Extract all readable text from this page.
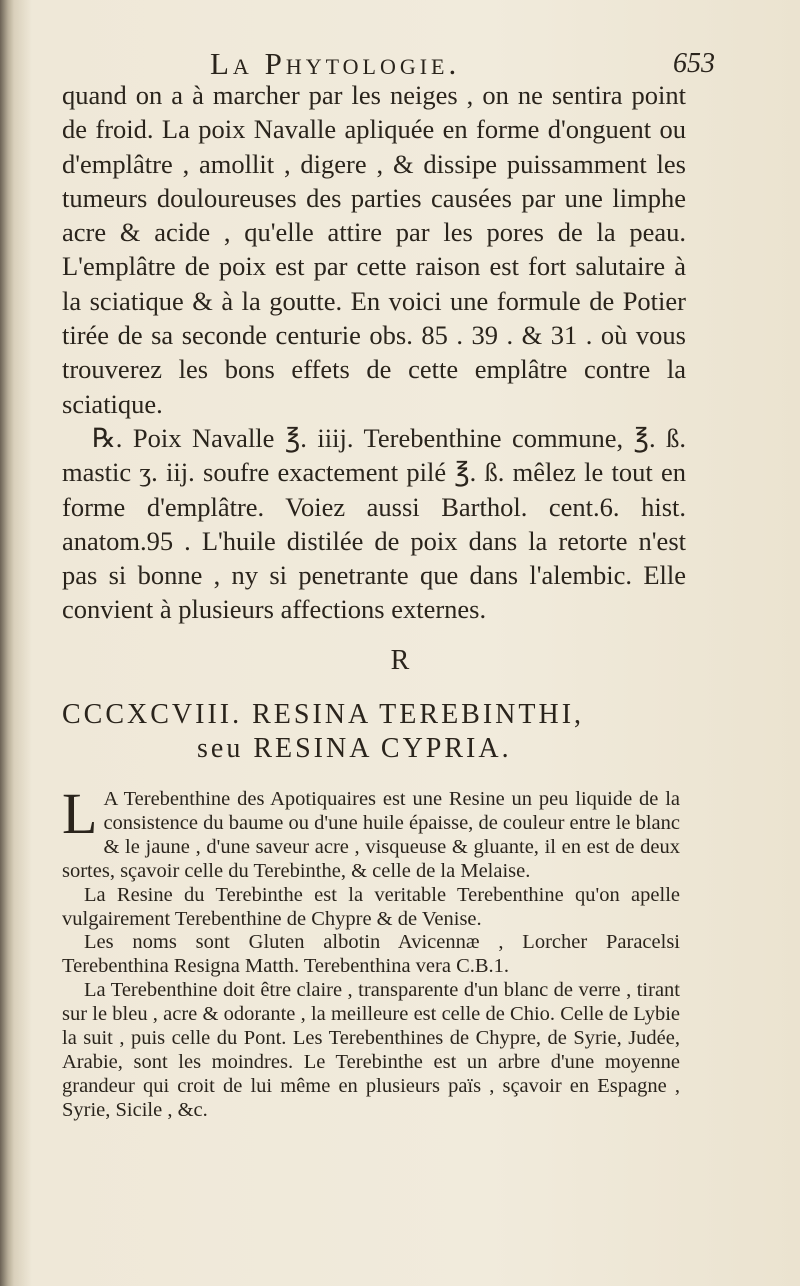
La Phytologie.	653

quand on a à marcher par les neiges , on ne sentira point de froid. La poix Navalle apliquée en forme d'onguent ou d'emplâtre , amollit , digere , & dissipe puissamment les tumeurs douloureuses des parties causées par une limphe acre & acide , qu'elle attire par les pores de la peau. L'emplâtre de poix est par cette raison est fort salutaire à la sciatique & à la goutte. En voici une formule de Potier tirée de sa seconde centurie obs. 85 . 39 . & 31 . où vous trouverez les bons effets de cette emplâtre contre la sciatique.

℞. Poix Navalle ℥. iiij. Terebenthine commune, ℥. ß. mastic ʒ. iij. soufre exactement pilé ℥. ß. mêlez le tout en forme d'emplâtre. Voiez aussi Barthol. cent.6. hist. anatom.95 . L'huile distilée de poix dans la retorte n'est pas si bonne , ny si penetrante que dans l'alembic. Elle convient à plusieurs affections externes.

R
CCCXCVIII. RESINA TEREBINTHI,
seu RESINA CYPRIA.

L A Terebenthine des Apotiquaires est une Resine un peu liquide de la consistence du baume ou d'une huile épaisse, de couleur entre le blanc & le jaune , d'une saveur acre , visqueuse & gluante, il en est de deux sortes, sçavoir celle du Terebinthe, & celle de la Melaise.

La Resine du Terebinthe est la veritable Terebenthine qu'on apelle vulgairement Terebenthine de Chypre & de Venise.

Les noms sont Gluten albotin Avicennæ , Lorcher Paracelsi Terebenthina Resigna Matth. Terebenthina vera C.B.1.

La Terebenthine doit être claire , transparente d'un blanc de verre , tirant sur le bleu , acre & odorante , la meilleure est celle de Chio. Celle de Lybie la suit , puis celle du Pont. Les Terebenthines de Chypre, de Syrie, Judée, Arabie, sont les moindres. Le Terebinthe est un arbre d'une moyenne grandeur qui croit de lui même en plusieurs païs , sçavoir en Espagne , Syrie, Sicile , &c.
